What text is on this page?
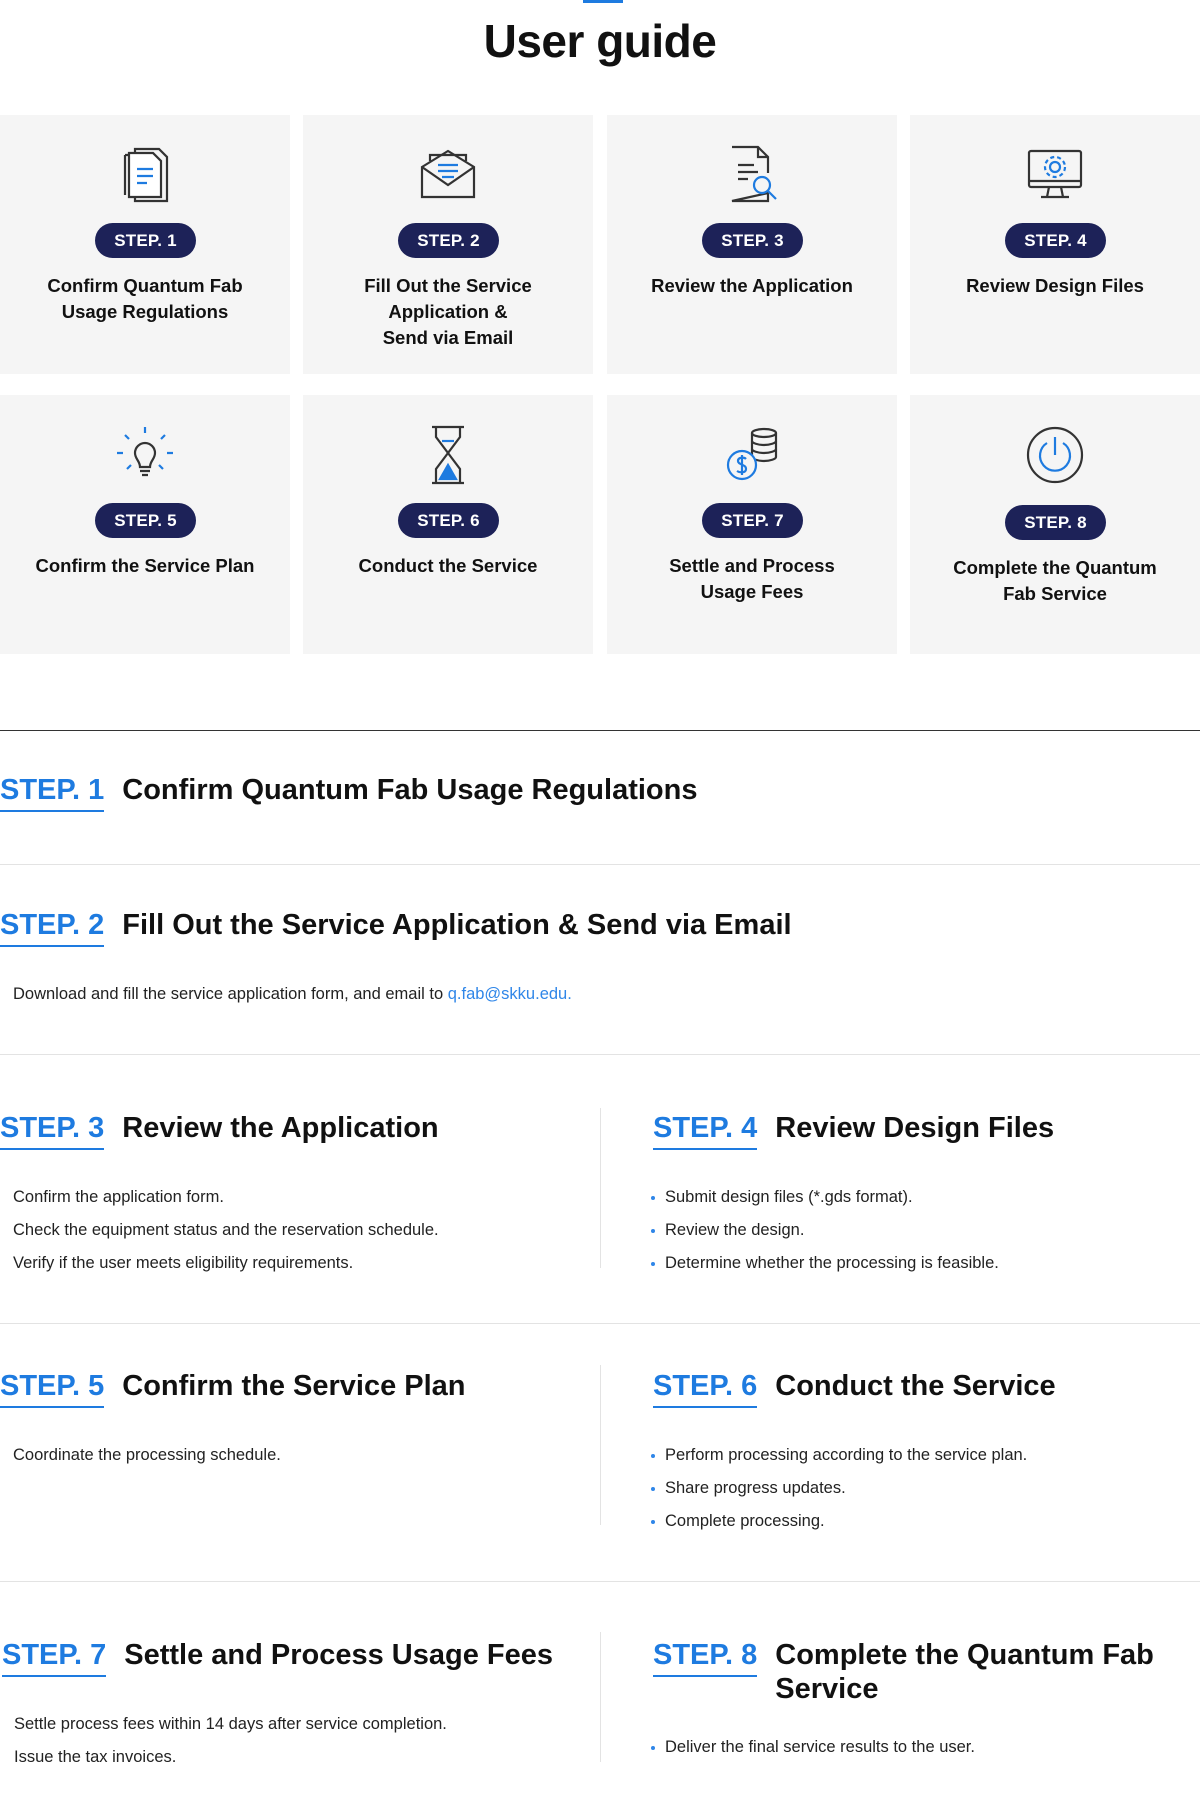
User guide
STEP. 1
Confirm Quantum Fab
Usage Regulations
STEP. 2
Fill Out the Service
Application &
Send via Email
STEP. 3
Review the Application
STEP. 4
Review Design Files
STEP. 5
Confirm the Service Plan
STEP. 6
Conduct the Service
STEP. 7
Settle and Process
Usage Fees
STEP. 8
Complete the Quantum
Fab Service
STEP. 1 Confirm Quantum Fab Usage Regulations
STEP. 2 Fill Out the Service Application & Send via Email
Download and fill the service application form, and email to q.fab@skku.edu.
STEP. 3 Review the Application
Confirm the application form.
Check the equipment status and the reservation schedule.
Verify if the user meets eligibility requirements.
STEP. 4 Review Design Files
Submit design files (*.gds format).
Review the design.
Determine whether the processing is feasible.
STEP. 5 Confirm the Service Plan
Coordinate the processing schedule.
STEP. 6 Conduct the Service
Perform processing according to the service plan.
Share progress updates.
Complete processing.
STEP. 7 Settle and Process Usage Fees
Settle process fees within 14 days after service completion.
Issue the tax invoices.
STEP. 8 Complete the Quantum Fab
Service
Deliver the final service results to the user.
